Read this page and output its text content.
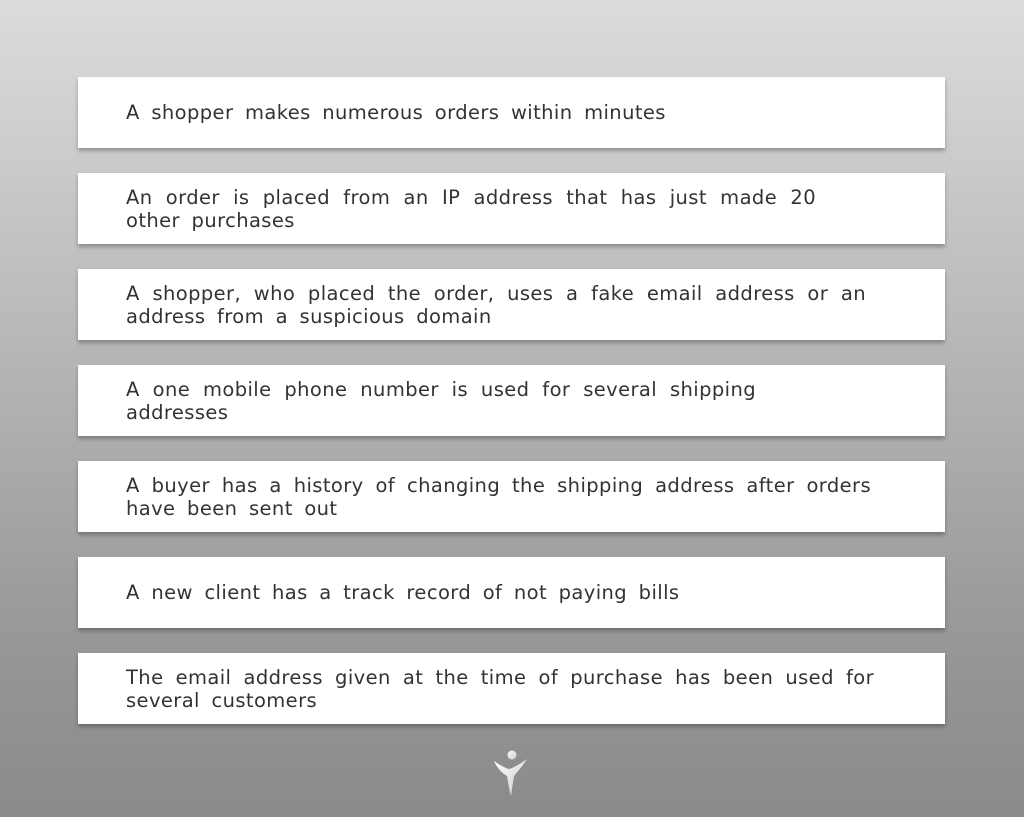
A shopper makes numerous orders within minutes

An order is placed from an IP address that has just made 20 other purchases

A shopper, who placed the order, uses a fake email address or an address from a suspicious domain

A one mobile phone number is used for several shipping addresses

A buyer has a history of changing the shipping address after orders have been sent out

A new client has a track record of not paying bills

The email address given at the time of purchase has been used for several customers
